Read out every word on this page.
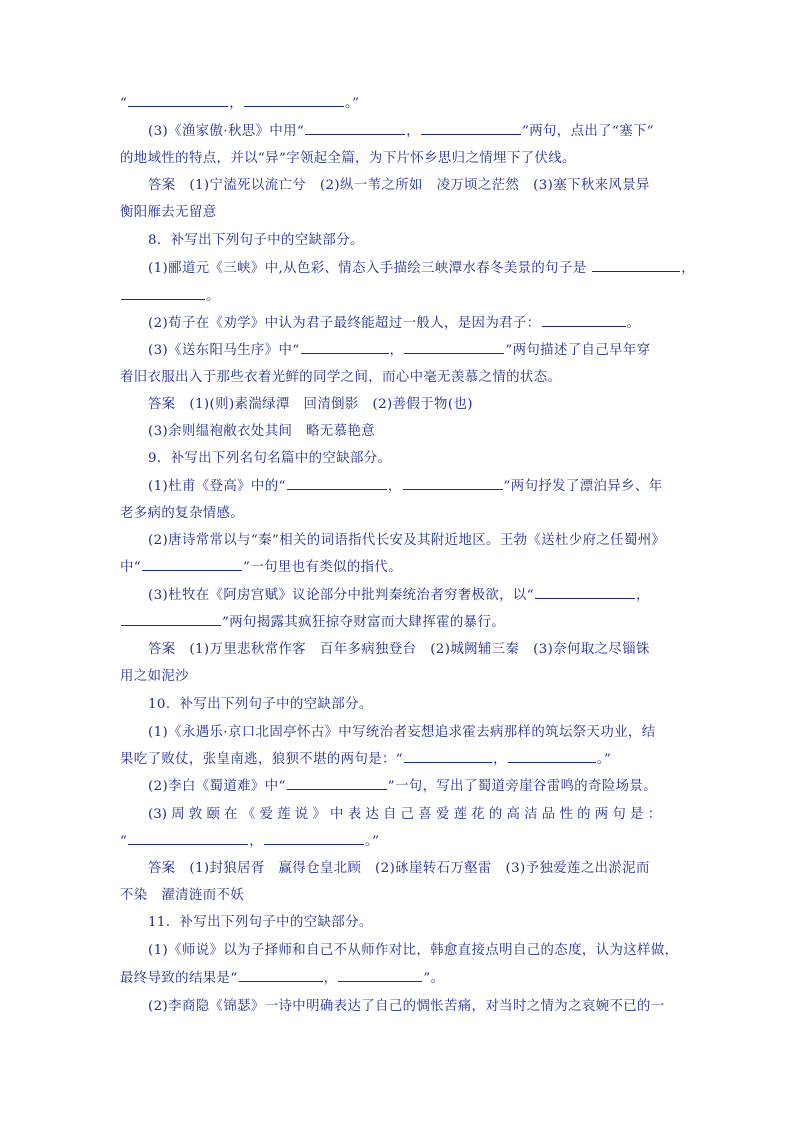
“	，	。”
(3)《渔家傲·秋思》中用“	，	”两句，点出了“塞下”
的地域性的特点，并以“异”字领起全篇，为下片怀乡思归之情埋下了伏线。
答案　(1)宁溘死以流亡兮　(2)纵一苇之所如　凌万顷之茫然　(3)塞下秋来风景异
衡阳雁去无留意
8．补写出下列句子中的空缺部分。
(1)郦道元《三峡》中,从色彩、情态入手描绘三峡潭水春冬美景的句子是	，
。
(2)荀子在《劝学》中认为君子最终能超过一般人，是因为君子：	。
(3)《送东阳马生序》中“	，	”两句描述了自己早年穿
着旧衣服出入于那些衣着光鲜的同学之间，而心中毫无羡慕之情的状态。
答案　(1)(则)素湍绿潭　回清倒影　(2)善假于物(也)
(3)余则缊袍敝衣处其间　略无慕艳意
9．补写出下列名句名篇中的空缺部分。
(1)杜甫《登高》中的“	，	”两句抒发了漂泊异乡、年
老多病的复杂情感。
(2)唐诗常常以与“秦”相关的词语指代长安及其附近地区。王勃《送杜少府之任蜀州》
中“	”一句里也有类似的指代。
(3)杜牧在《阿房宫赋》议论部分中批判秦统治者穷奢极欲，以“	，
”两句揭露其疯狂掠夺财富而大肆挥霍的暴行。
答案　(1)万里悲秋常作客　百年多病独登台　(2)城阙辅三秦　(3)奈何取之尽锱铢
用之如泥沙
10．补写出下列句子中的空缺部分。
(1)《永遇乐·京口北固亭怀古》中写统治者妄想追求霍去病那样的筑坛祭天功业，结
果吃了败仗，张皇南逃，狼狈不堪的两句是：“	，	。”
(2)李白《蜀道难》中“	”一句，写出了蜀道旁崖谷雷鸣的奇险场景。
(3) 周 敦 颐 在 《 爱 莲 说 》 中 表 达 自 己 喜 爱 莲 花 的 高 洁 品 性 的 两 句 是 ：
“	，	。”
答案　(1)封狼居胥　赢得仓皇北顾　(2)砯崖转石万壑雷　(3)予独爱莲之出淤泥而
不染　濯清涟而不妖
11．补写出下列句子中的空缺部分。
(1)《师说》以为子择师和自己不从师作对比，韩愈直接点明自己的态度，认为这样做，
最终导致的结果是“	，	”。
(2)李商隐《锦瑟》一诗中明确表达了自己的惆怅苦痛，对当时之情为之哀婉不已的一
